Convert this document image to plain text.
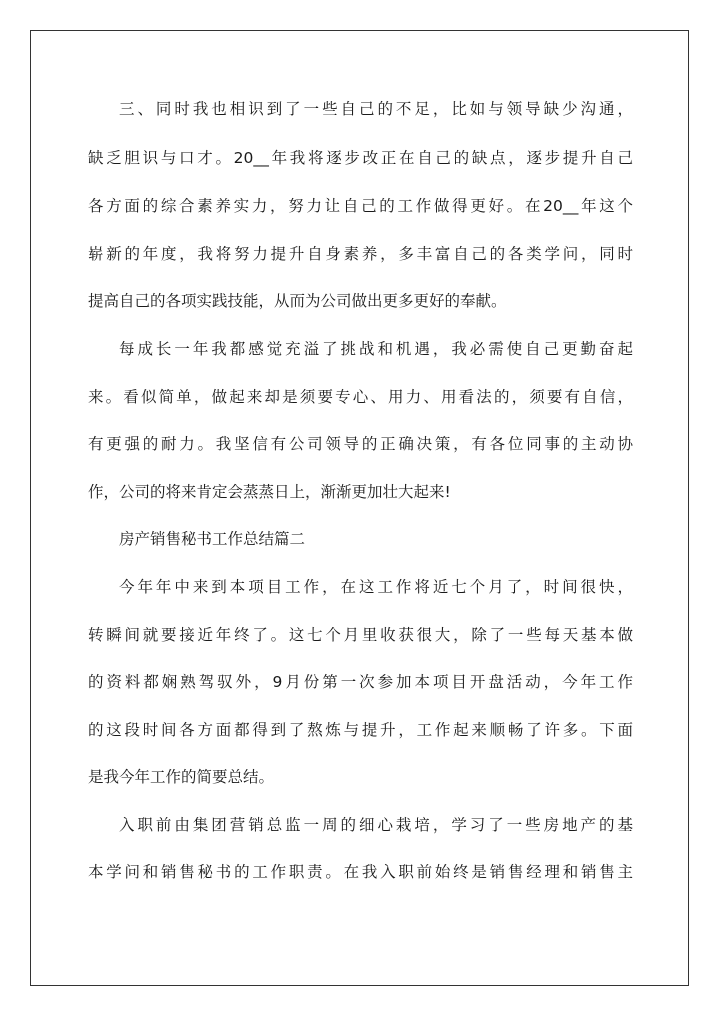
三、同时我也相识到了一些自己的不足，比如与领导缺少沟通，
缺乏胆识与口才。20__年我将逐步改正在自己的缺点，逐步提升自己
各方面的综合素养实力，努力让自己的工作做得更好。在20__年这个
崭新的年度，我将努力提升自身素养，多丰富自己的各类学问，同时
提高自己的各项实践技能，从而为公司做出更多更好的奉献。
每成长一年我都感觉充溢了挑战和机遇，我必需使自己更勤奋起
来。看似简单，做起来却是须要专心、用力、用看法的，须要有自信，
有更强的耐力。我坚信有公司领导的正确决策，有各位同事的主动协
作，公司的将来肯定会蒸蒸日上，渐渐更加壮大起来!
房产销售秘书工作总结篇二
今年年中来到本项目工作，在这工作将近七个月了，时间很快，
转瞬间就要接近年终了。这七个月里收获很大，除了一些每天基本做
的资料都娴熟驾驭外，9月份第一次参加本项目开盘活动，今年工作
的这段时间各方面都得到了熬炼与提升，工作起来顺畅了许多。下面
是我今年工作的简要总结。
入职前由集团营销总监一周的细心栽培，学习了一些房地产的基
本学问和销售秘书的工作职责。在我入职前始终是销售经理和销售主
